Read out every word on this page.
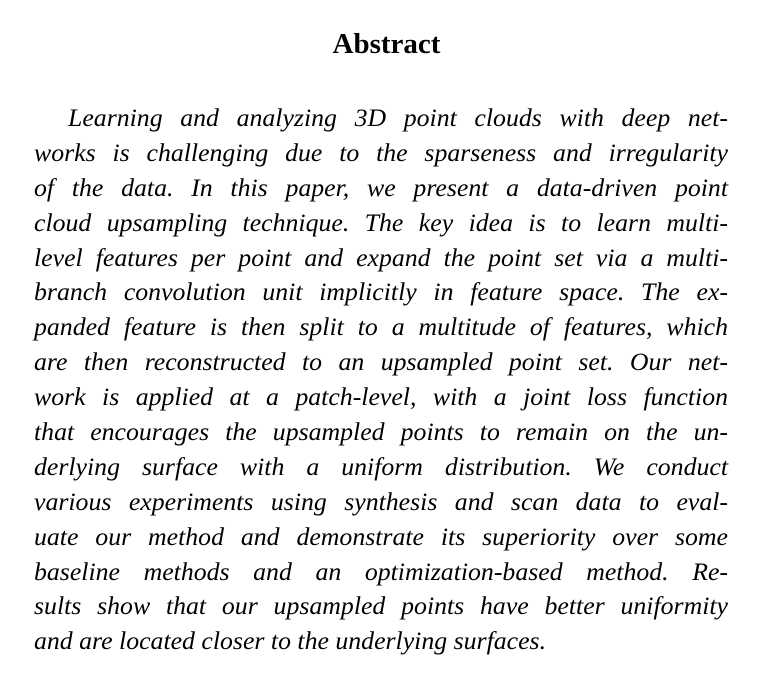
Abstract
Learning and analyzing 3D point clouds with deep net-
works is challenging due to the sparseness and irregularity
of the data. In this paper, we present a data-driven point
cloud upsampling technique. The key idea is to learn multi-
level features per point and expand the point set via a multi-
branch convolution unit implicitly in feature space. The ex-
panded feature is then split to a multitude of features, which
are then reconstructed to an upsampled point set. Our net-
work is applied at a patch-level, with a joint loss function
that encourages the upsampled points to remain on the un-
derlying surface with a uniform distribution. We conduct
various experiments using synthesis and scan data to eval-
uate our method and demonstrate its superiority over some
baseline methods and an optimization-based method. Re-
sults show that our upsampled points have better uniformity
and are located closer to the underlying surfaces.
